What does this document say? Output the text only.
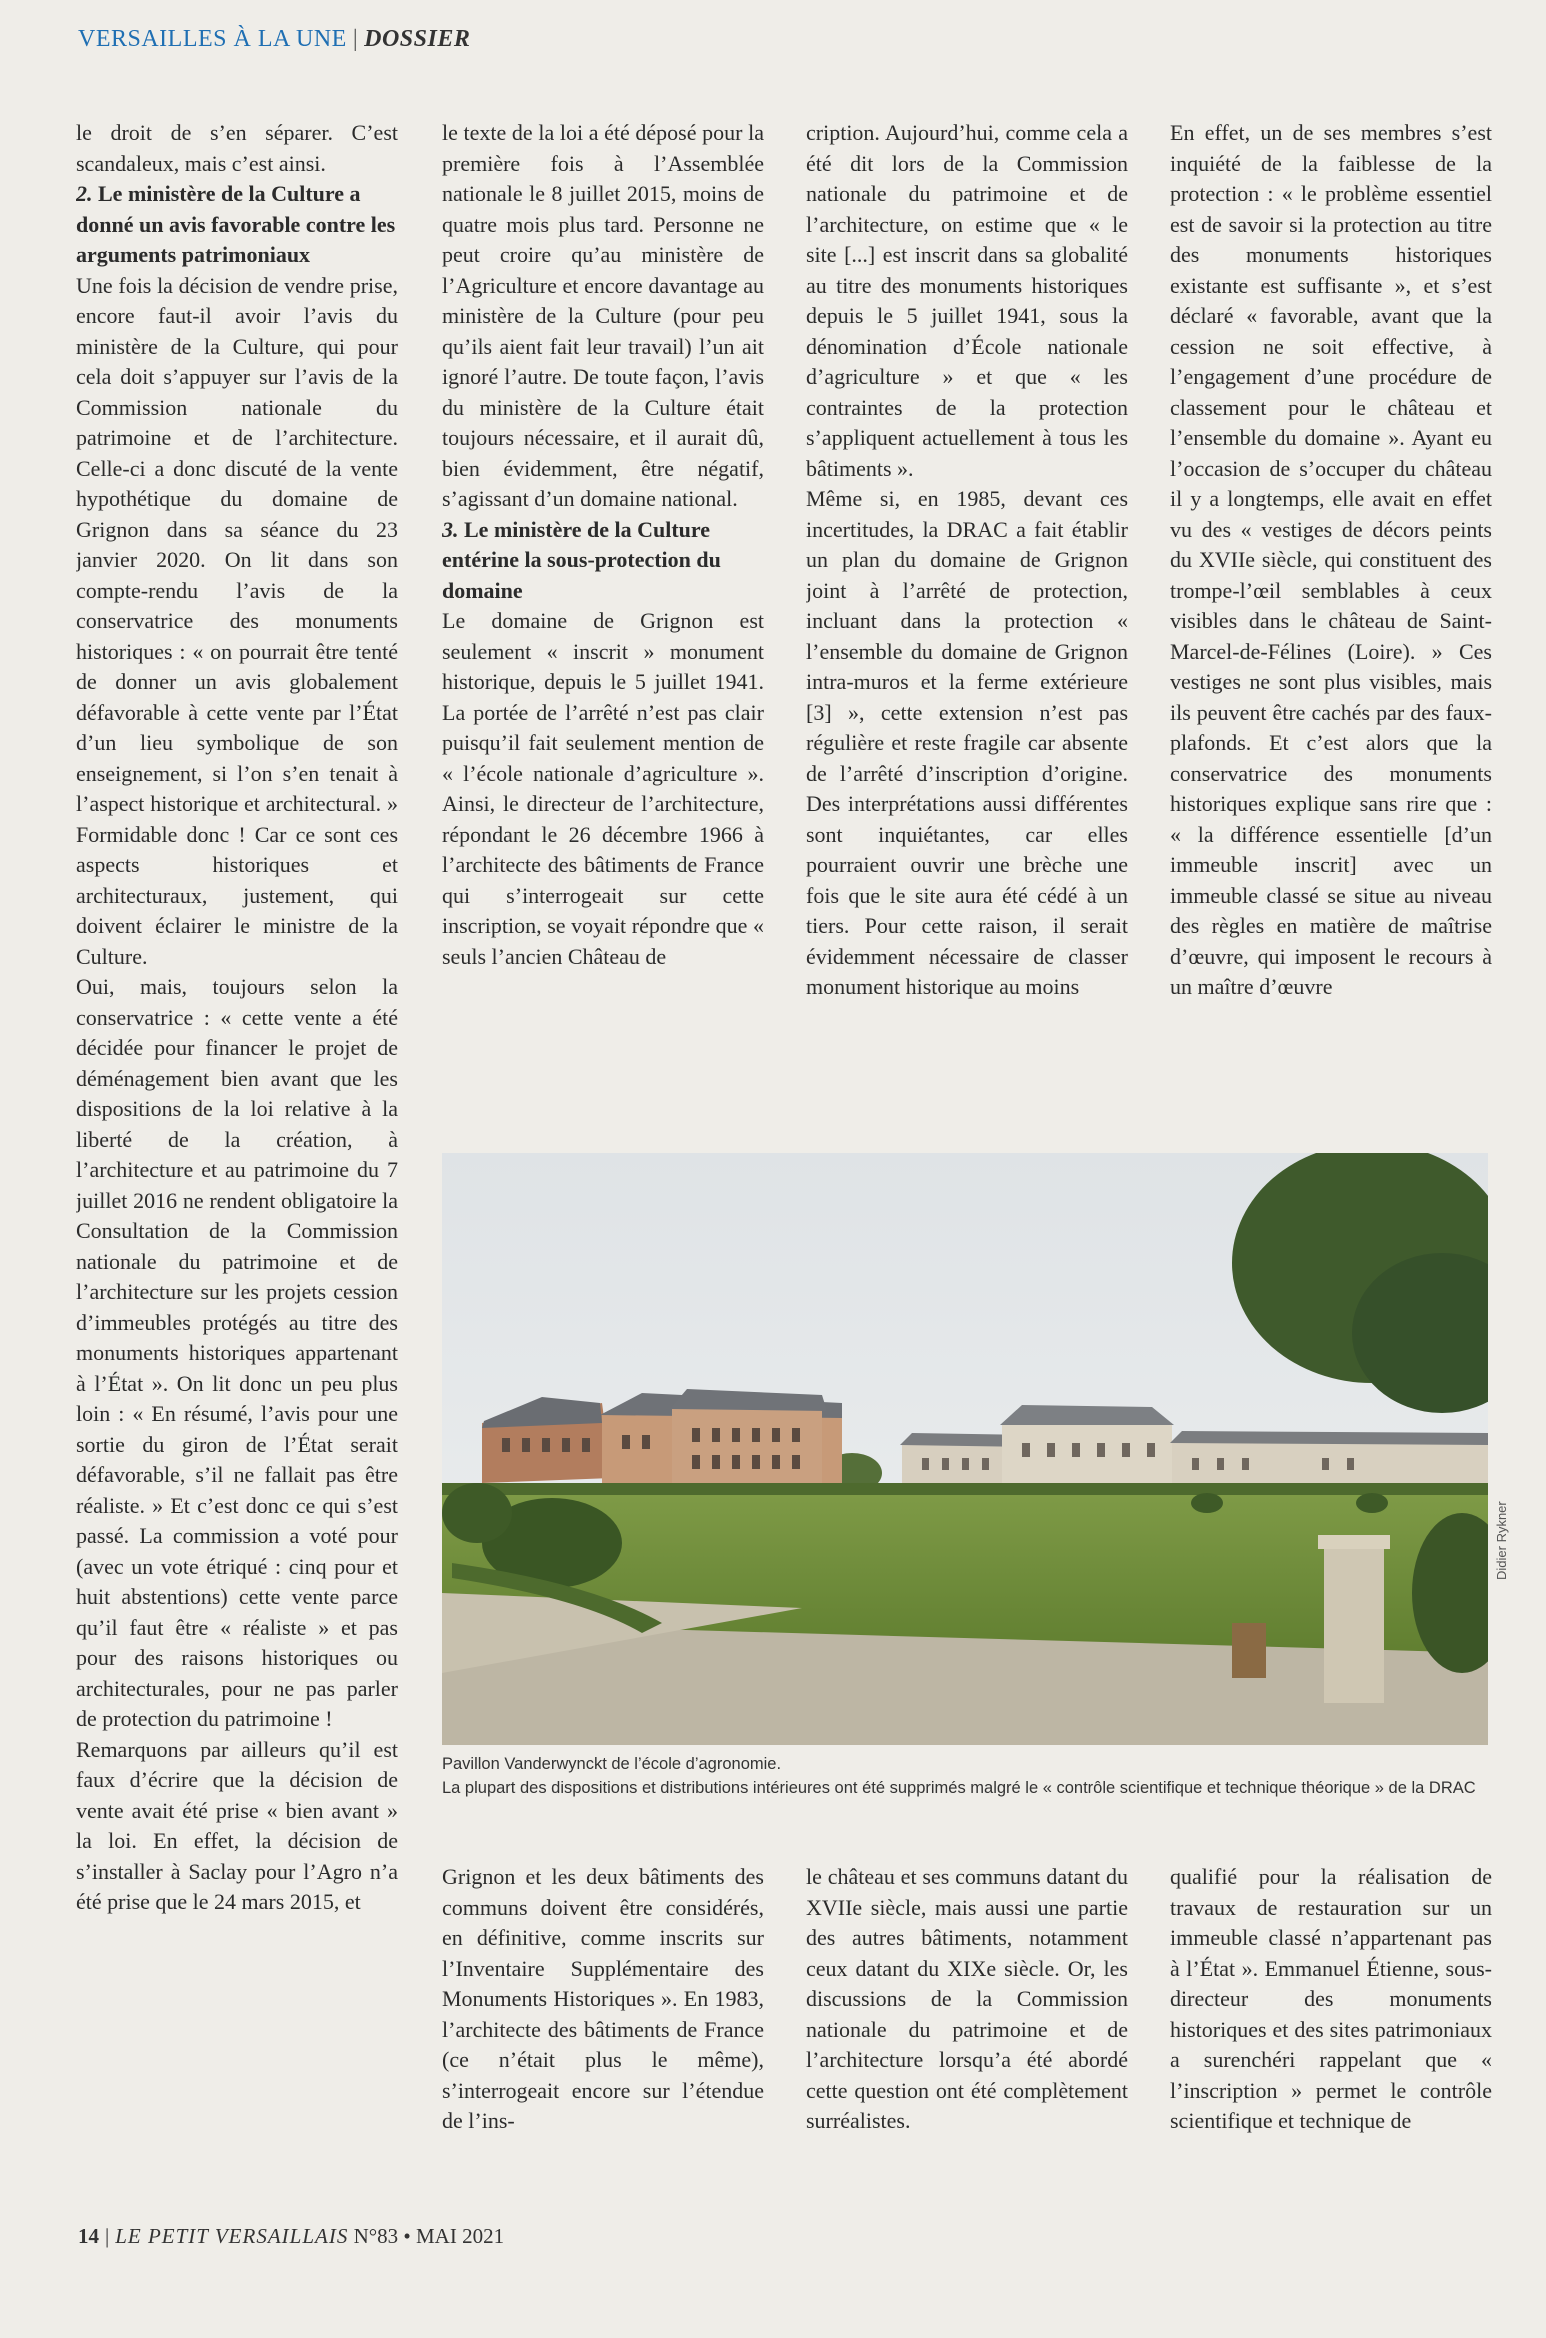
VERSAILLES À LA UNE | DOSSIER

le droit de s’en séparer. C’est scandaleux, mais c’est ainsi.

2. Le ministère de la Culture a donné un avis favorable contre les arguments patrimoniaux

Une fois la décision de vendre prise, encore faut-il avoir l’avis du ministère de la Culture, qui pour cela doit s’appuyer sur l’avis de la Commission nationale du patrimoine et de l’architecture. Celle-ci a donc discuté de la vente hypothétique du domaine de Grignon dans sa séance du 23 janvier 2020. On lit dans son compte-rendu l’avis de la conservatrice des monuments historiques : « on pourrait être tenté de donner un avis globalement défavorable à cette vente par l’État d’un lieu symbolique de son enseignement, si l’on s’en tenait à l’aspect historique et architectural. » Formidable donc ! Car ce sont ces aspects historiques et architecturaux, justement, qui doivent éclairer le ministre de la Culture.

Oui, mais, toujours selon la conservatrice : « cette vente a été décidée pour financer le projet de déménagement bien avant que les dispositions de la loi relative à la liberté de la création, à l’architecture et au patrimoine du 7 juillet 2016 ne rendent obligatoire la Consultation de la Commission nationale du patrimoine et de l’architecture sur les projets cession d’immeubles protégés au titre des monuments historiques appartenant à l’État ». On lit donc un peu plus loin : « En résumé, l’avis pour une sortie du giron de l’État serait défavorable, s’il ne fallait pas être réaliste. » Et c’est donc ce qui s’est passé. La commission a voté pour (avec un vote étriqué : cinq pour et huit abstentions) cette vente parce qu’il faut être « réaliste » et pas pour des raisons historiques ou architecturales, pour ne pas parler de protection du patrimoine !

Remarquons par ailleurs qu’il est faux d’écrire que la décision de vente avait été prise « bien avant » la loi. En effet, la décision de s’installer à Saclay pour l’Agro n’a été prise que le 24 mars 2015, et

le texte de la loi a été déposé pour la première fois à l’Assemblée nationale le 8 juillet 2015, moins de quatre mois plus tard. Personne ne peut croire qu’au ministère de l’Agriculture et encore davantage au ministère de la Culture (pour peu qu’ils aient fait leur travail) l’un ait ignoré l’autre. De toute façon, l’avis du ministère de la Culture était toujours nécessaire, et il aurait dû, bien évidemment, être négatif, s’agissant d’un domaine national.

3. Le ministère de la Culture entérine la sous-protection du domaine

Le domaine de Grignon est seulement « inscrit » monument historique, depuis le 5 juillet 1941. La portée de l’arrêté n’est pas clair puisqu’il fait seulement mention de « l’école nationale d’agriculture ». Ainsi, le directeur de l’architecture, répondant le 26 décembre 1966 à l’architecte des bâtiments de France qui s’interrogeait sur cette inscription, se voyait répondre que « seuls l’ancien Château de

cription. Aujourd’hui, comme cela a été dit lors de la Commission nationale du patrimoine et de l’architecture, on estime que « le site [...] est inscrit dans sa globalité au titre des monuments historiques depuis le 5 juillet 1941, sous la dénomination d’École nationale d’agriculture » et que « les contraintes de la protection s’appliquent actuellement à tous les bâtiments ».

Même si, en 1985, devant ces incertitudes, la DRAC a fait établir un plan du domaine de Grignon joint à l’arrêté de protection, incluant dans la protection « l’ensemble du domaine de Grignon intra-muros et la ferme extérieure [3] », cette extension n’est pas régulière et reste fragile car absente de l’arrêté d’inscription d’origine. Des interprétations aussi différentes sont inquiétantes, car elles pourraient ouvrir une brèche une fois que le site aura été cédé à un tiers. Pour cette raison, il serait évidemment nécessaire de classer monument historique au moins

En effet, un de ses membres s’est inquiété de la faiblesse de la protection : « le problème essentiel est de savoir si la protection au titre des monuments historiques existante est suffisante », et s’est déclaré « favorable, avant que la cession ne soit effective, à l’engagement d’une procédure de classement pour le château et l’ensemble du domaine ». Ayant eu l’occasion de s’occuper du château il y a longtemps, elle avait en effet vu des « vestiges de décors peints du XVIIe siècle, qui constituent des trompe-l’œil semblables à ceux visibles dans le château de Saint-Marcel-de-Félines (Loire). » Ces vestiges ne sont plus visibles, mais ils peuvent être cachés par des faux-plafonds. Et c’est alors que la conservatrice des monuments historiques explique sans rire que : « la différence essentielle [d’un immeuble inscrit] avec un immeuble classé se situe au niveau des règles en matière de maîtrise d’œuvre, qui imposent le recours à un maître d’œuvre

Didier Rykner
Pavillon Vanderwynckt de l’école d’agronomie.
La plupart des dispositions et distributions intérieures ont été supprimés malgré le « contrôle scientifique et technique théorique » de la DRAC

Grignon et les deux bâtiments des communs doivent être considérés, en définitive, comme inscrits sur l’Inventaire Supplémentaire des Monuments Historiques ». En 1983, l’architecte des bâtiments de France (ce n’était plus le même), s’interrogeait encore sur l’étendue de l’ins-

le château et ses communs datant du XVIIe siècle, mais aussi une partie des autres bâtiments, notamment ceux datant du XIXe siècle. Or, les discussions de la Commission nationale du patrimoine et de l’architecture lorsqu’a été abordé cette question ont été complètement surréalistes.

qualifié pour la réalisation de travaux de restauration sur un immeuble classé n’appartenant pas à l’État ». Emmanuel Étienne, sous-directeur des monuments historiques et des sites patrimoniaux a surenchéri rappelant que « l’inscription » permet le contrôle scientifique et technique de

14 | LE PETIT VERSAILLAIS N°83 • MAI 2021
